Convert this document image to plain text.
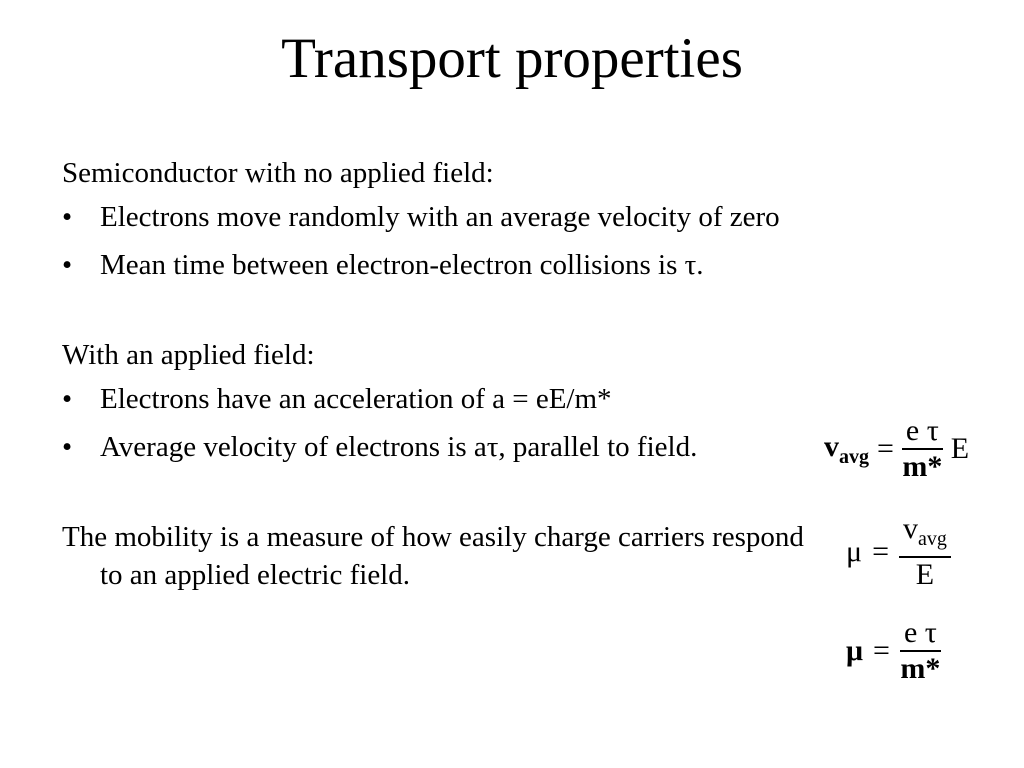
Transport properties

Semiconductor with no applied field:

• Electrons move randomly with an average velocity of zero
• Mean time between electron-electron collisions is τ.

With an applied field:

• Electrons have an acceleration of a = eE/m*
• Average velocity of electrons is aτ, parallel to field.

The mobility is a measure of how easily charge carriers respond to an applied electric field.

$v_{avg} = \frac{\text{e τ}}{m*}$ E
$\mu = \frac{v_{avg}}{E}$
$\mu = \frac{\text{e τ}}{m*}$
